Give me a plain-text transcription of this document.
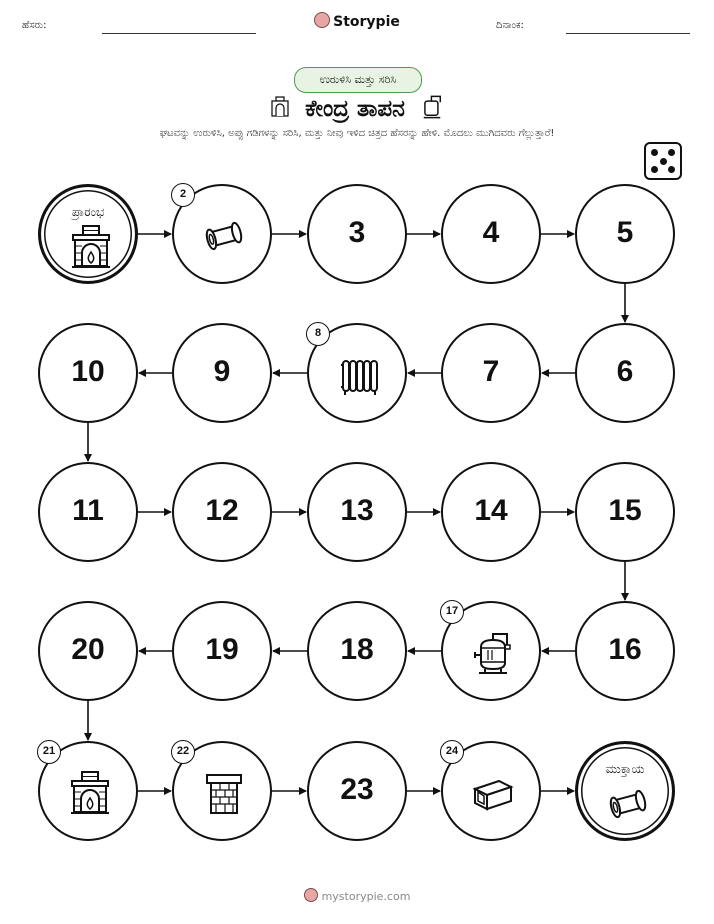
ಹೆಸರು:	Storypie	ದಿನಾಂಕ:
ಉರುಳಿಸಿ ಮತ್ತು ಸರಿಸಿ
ಕೇಂದ್ರ ತಾಪನ
ಘಟವನ್ನು ಉರುಳಿಸಿ, ಅಪ್ಪು ಗಡಿಗಳನ್ನು ಸರಿಸಿ, ಮತ್ತು ನೀವು ಇಳಿದ ಚಿತ್ರದ ಹೆಸರನ್ನು ಹೇಳಿ. ಮೊದಲು ಮುಗಿದವರು ಗೆಲ್ಲುತ್ತಾರೆ!
ಪ್ರಾರಂಭ
2
3	4	5
6
7
8
9
10
11	12	13	14	15
16
17
18
19
20
21	22
23
24
ಮುಕ್ತಾಯ
mystorypie.com
